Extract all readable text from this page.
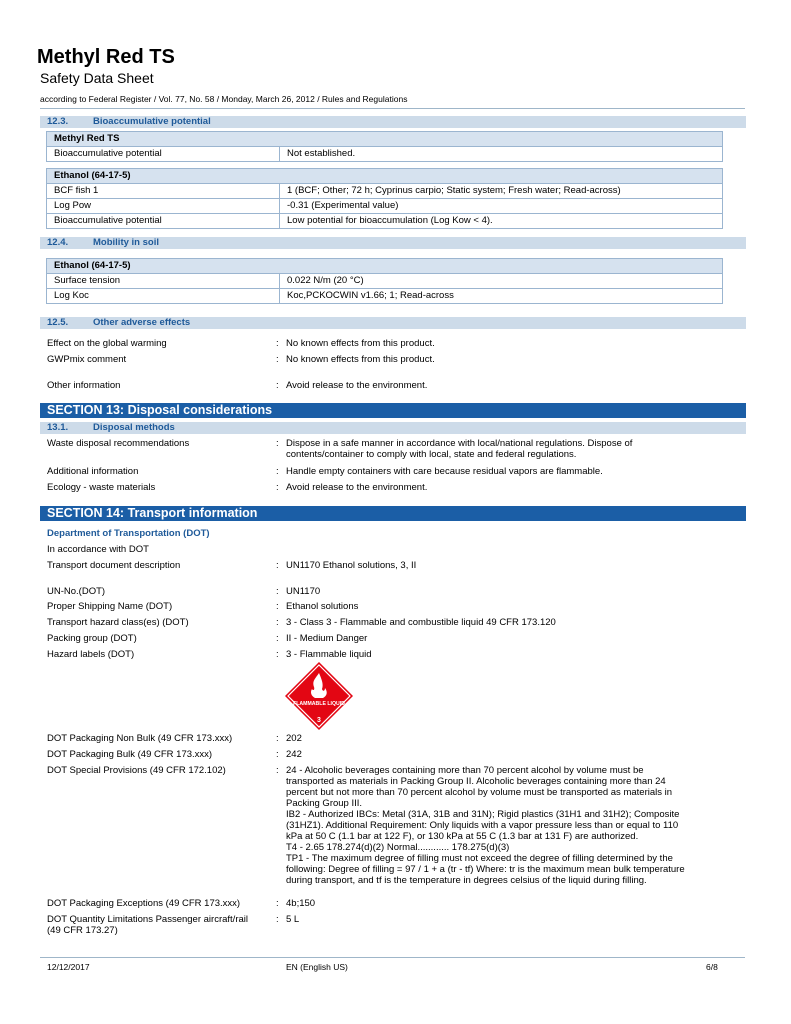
Methyl Red TS
Safety Data Sheet
according to Federal Register / Vol. 77, No. 58 / Monday, March 26, 2012 / Rules and Regulations
12.3.	Bioaccumulative potential
Methyl Red TS
Bioaccumulative potential	Not established.
Ethanol (64-17-5)	
BCF fish 1	1 (BCF; Other; 72 h; Cyprinus carpio; Static system; Fresh water; Read-across)
Log Pow	-0.31 (Experimental value)
Bioaccumulative potential	Low potential for bioaccumulation (Log Kow < 4).
12.4.	Mobility in soil
Ethanol (64-17-5)	
Surface tension	0.022 N/m (20 °C)
Log Koc	Koc,PCKOCWIN v1.66; 1; Read-across
12.5.	Other adverse effects
Effect on the global warming	: No known effects from this product.
GWPmix comment	: No known effects from this product.
Other information	: Avoid release to the environment.
SECTION 13: Disposal considerations
13.1.	Disposal methods
Waste disposal recommendations	: Dispose in a safe manner in accordance with local/national regulations. Dispose of contents/container to comply with local, state and federal regulations.
Additional information	: Handle empty containers with care because residual vapors are flammable.
Ecology - waste materials	: Avoid release to the environment.
SECTION 14: Transport information
Department of Transportation (DOT)
In accordance with DOT
Transport document description	: UN1170 Ethanol solutions, 3, II
UN-No.(DOT)	: UN1170
Proper Shipping Name (DOT)	: Ethanol solutions
Transport hazard class(es) (DOT)	: 3 - Class 3 - Flammable and combustible liquid 49 CFR 173.120
Packing group (DOT)	: II - Medium Danger
Hazard labels (DOT)	: 3 - Flammable liquid
FLAMMABLE LIQUID
3
DOT Packaging Non Bulk (49 CFR 173.xxx)	: 202
DOT Packaging Bulk (49 CFR 173.xxx)	: 242
DOT Special Provisions (49 CFR 172.102)	: 24 - Alcoholic beverages containing more than 70 percent alcohol by volume must be
transported as materials in Packing Group II. Alcoholic beverages containing more than 24
percent but not more than 70 percent alcohol by volume must be transported as materials in
Packing Group III.
IB2 - Authorized IBCs: Metal (31A, 31B and 31N); Rigid plastics (31H1 and 31H2); Composite
(31HZ1). Additional Requirement: Only liquids with a vapor pressure less than or equal to 110
kPa at 50 C (1.1 bar at 122 F), or 130 kPa at 55 C (1.3 bar at 131 F) are authorized.
T4 - 2.65 178.274(d)(2) Normal............ 178.275(d)(3)
TP1 - The maximum degree of filling must not exceed the degree of filling determined by the
following: Degree of filling = 97 / 1 + a (tr - tf) Where: tr is the maximum mean bulk temperature
during transport, and tf is the temperature in degrees celsius of the liquid during filling.
DOT Packaging Exceptions (49 CFR 173.xxx)	: 4b;150
DOT Quantity Limitations Passenger aircraft/rail
(49 CFR 173.27)
: 5 L
12/12/2017	EN (English US)	6/8
